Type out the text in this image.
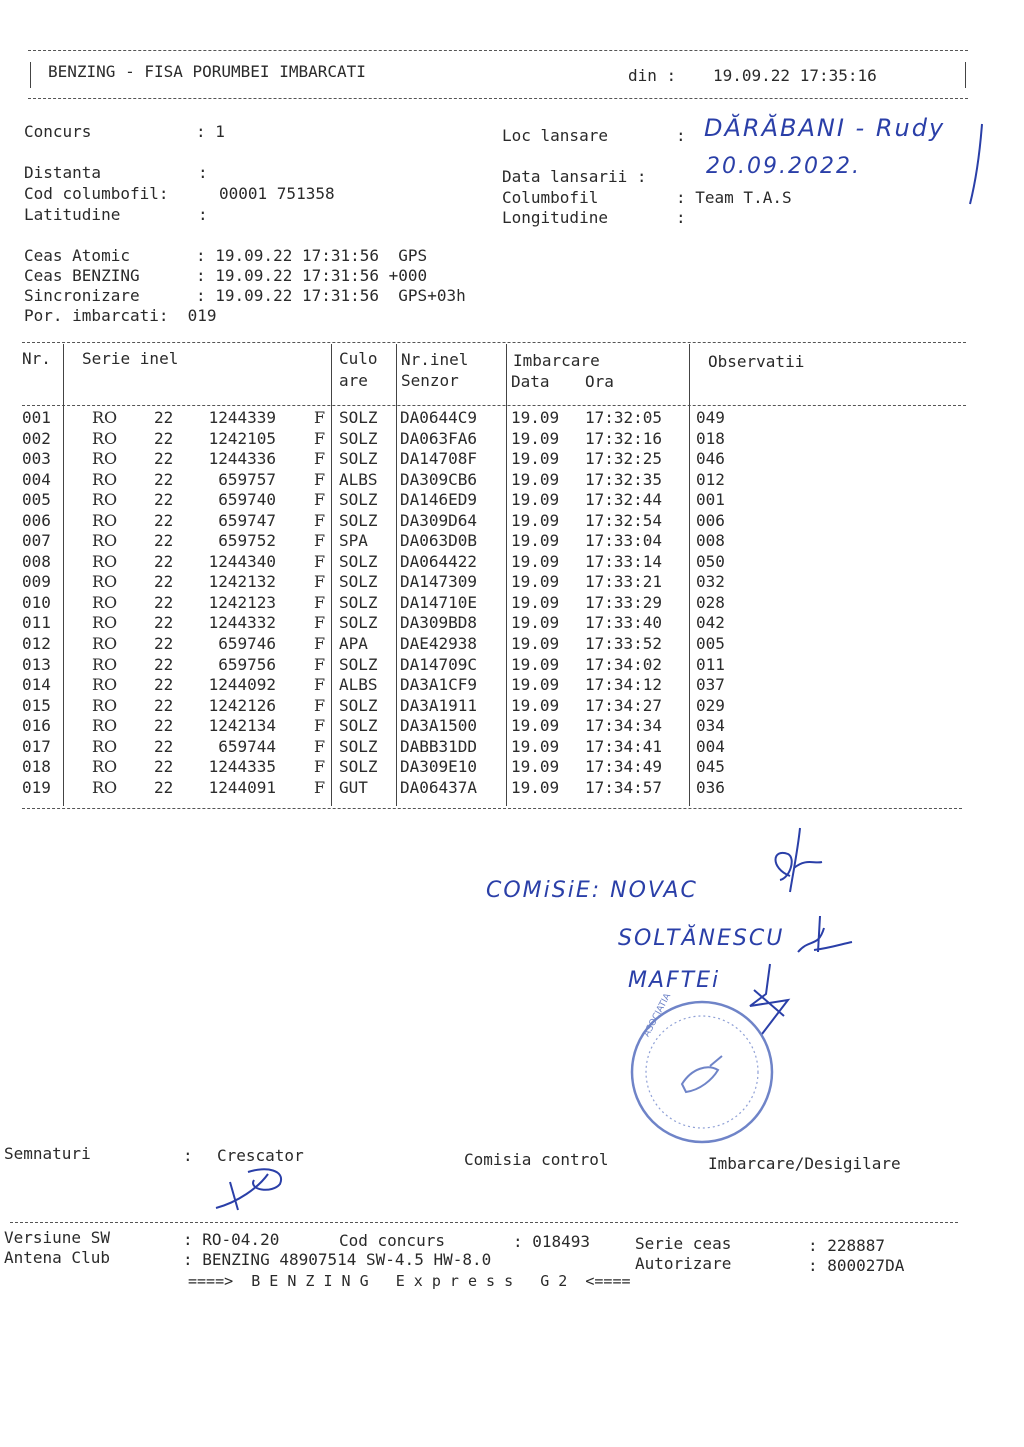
BENZING - FISA PORUMBEI IMBARCATI	din : 19.09.22 17:35:16
Concurs	: 1	Loc lansare	:
Distanta	:
Cod columbofil:	00001 751358
Latitudine	:
Data lansarii :
Columbofil	: Team T.A.S
Longitudine	:
DĂRĂBANI - Rudy
20.09.2022.
Ceas Atomic	: 19.09.22 17:31:56  GPS
Ceas BENZING	: 19.09.22 17:31:56 +000
Sincronizare	: 19.09.22 17:31:56  GPS+03h
Por. imbarcati: 019
Nr. Serie inel	Culo
are
Nr.inel
Senzor
Imbarcare
Data Ora
Observatii
001	RO 22	1244339 F SOLZ DA0644C9 19.09 17:32:05 049
002	RO 22	1242105 F SOLZ DA063FA6 19.09 17:32:16 018
003	RO 22	1244336 F SOLZ DA14708F 19.09 17:32:25 046
004	RO 22	659757 F ALBS DA309CB6 19.09 17:32:35 012
005	RO 22	659740 F SOLZ DA146ED9 19.09 17:32:44 001
006	RO 22	659747 F SOLZ DA309D64 19.09 17:32:54 006
007	RO 22	659752 F SPA DA063D0B 19.09 17:33:04 008
008	RO 22	1244340 F SOLZ DA064422 19.09 17:33:14 050
009	RO 22	1242132 F SOLZ DA147309 19.09 17:33:21 032
010	RO 22	1242123 F SOLZ DA14710E 19.09 17:33:29 028
011	RO 22	1244332 F SOLZ DA309BD8 19.09 17:33:40 042
012	RO 22	659746 F APA DAE42938 19.09 17:33:52 005
013	RO 22	659756 F SOLZ DA14709C 19.09 17:34:02 011
014	RO 22	1244092 F ALBS DA3A1CF9 19.09 17:34:12 037
015	RO 22	1242126 F SOLZ DA3A1911 19.09 17:34:27 029
016	RO 22	1242134 F SOLZ DA3A1500 19.09 17:34:34 034
017	RO 22	659744 F SOLZ DABB31DD 19.09 17:34:41 004
018	RO 22	1244335 F SOLZ DA309E10 19.09 17:34:49 045
019	RO 22	1244091 F GUT DA06437A 19.09 17:34:57 036
COMiSiE: NOVAC
SOLTĂNESCU
MAFTEi
ASOCIATIA
Semnaturi	: Crescator	Comisia control	Imbarcare/Desigilare
Versiune SW	: RO-04.20	Cod concurs	: 018493	Serie ceas	: 228887
Antena Club	: BENZING 48907514 SW-4.5 HW-8.0	Autorizare	: 800027DA
====>  B E N Z I N G   E x p r e s s   G 2  <====
